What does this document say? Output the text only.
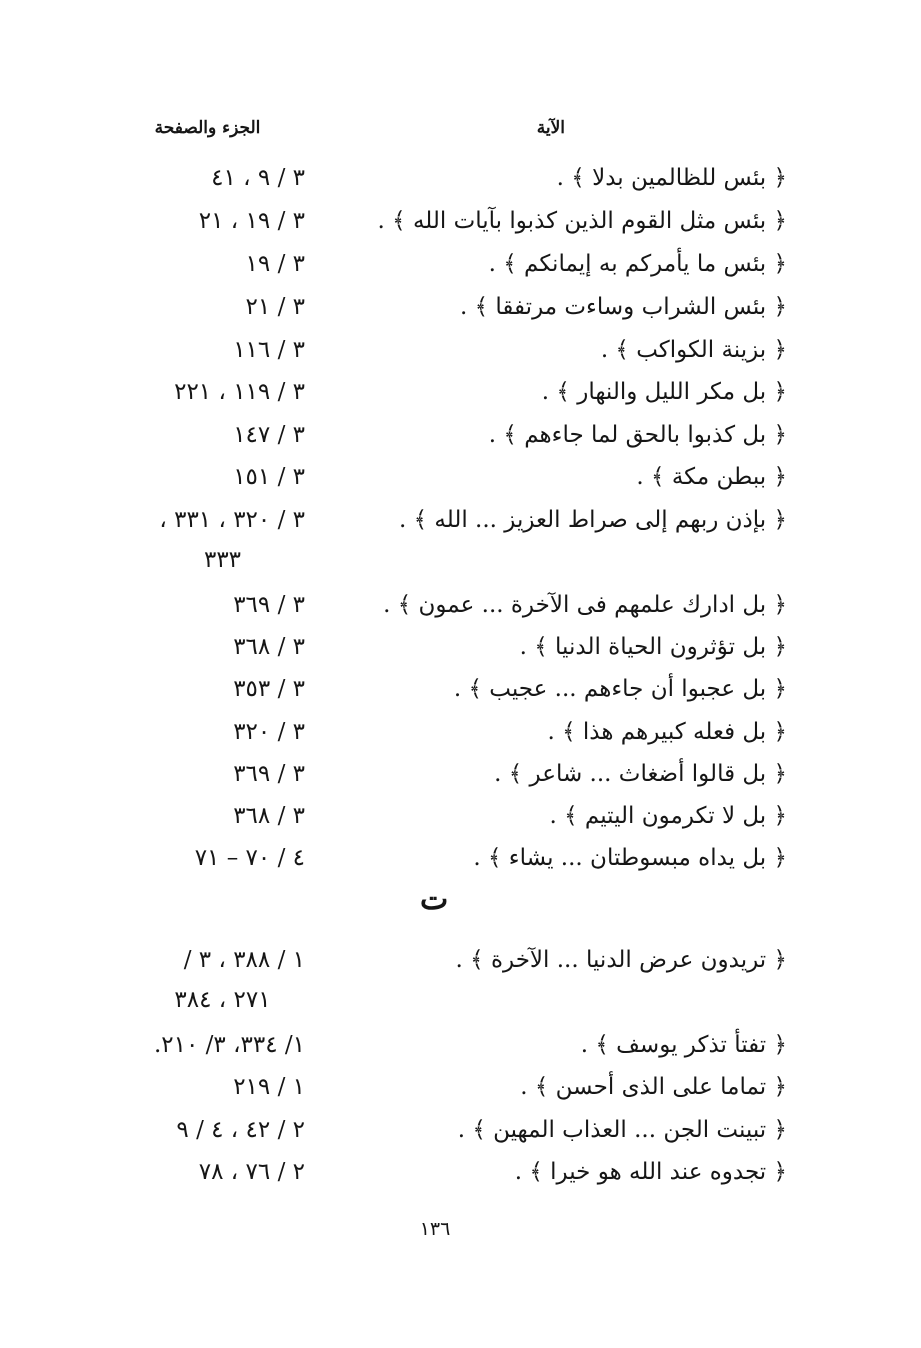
الآية
الجزء والصفحة
﴿ بئس للظالمين بدلا ﴾ .
٣ / ٩ ، ٤١
﴿ بئس مثل القوم الذين كذبوا بآيات الله ﴾ .
٣ / ١٩ ، ٢١
﴿ بئس ما يأمركم به إيمانكم ﴾ .
٣ / ١٩
﴿ بئس الشراب وساءت مرتفقا ﴾ .
٣ / ٢١
﴿ بزينة الكواكب ﴾ .
٣ / ١١٦
﴿ بل مكر الليل والنهار ﴾ .
٣ / ١١٩ ، ٢٢١
﴿ بل كذبوا بالحق لما جاءهم ﴾ .
٣ / ١٤٧
﴿ ببطن مكة ﴾ .
٣ / ١٥١
﴿ بإذن ربهم إلى صراط العزيز ... الله ﴾ .
٣ / ٣٢٠ ، ٣٣١ ،
٣٣٣
﴿ بل ادارك علمهم فى الآخرة ... عمون ﴾ .
٣ / ٣٦٩
﴿ بل تؤثرون الحياة الدنيا ﴾ .
٣ / ٣٦٨
﴿ بل عجبوا أن جاءهم ... عجيب ﴾ .
٣ / ٣٥٣
﴿ بل فعله كبيرهم هذا ﴾ .
٣ / ٣٢٠
﴿ بل قالوا أضغاث ... شاعر ﴾ .
٣ / ٣٦٩
﴿ بل لا تكرمون اليتيم ﴾ .
٣ / ٣٦٨
﴿ بل يداه مبسوطتان ... يشاء ﴾ .
٤ / ٧٠ – ٧١
ت
﴿ تريدون عرض الدنيا ... الآخرة ﴾ .
١ / ٣٨٨ ، ٣ /
٢٧١ ، ٣٨٤
﴿ تفتأ تذكر يوسف ﴾ .
١/ ٣٣٤، ٣/ ٢١٠.
﴿ تماما على الذى أحسن ﴾ .
١ / ٢١٩
﴿ تبينت الجن ... العذاب المهين ﴾ .
٢ / ٤٢ ، ٤ / ٩
﴿ تجدوه عند الله هو خيرا ﴾ .
٢ / ٧٦ ، ٧٨
١٣٦
